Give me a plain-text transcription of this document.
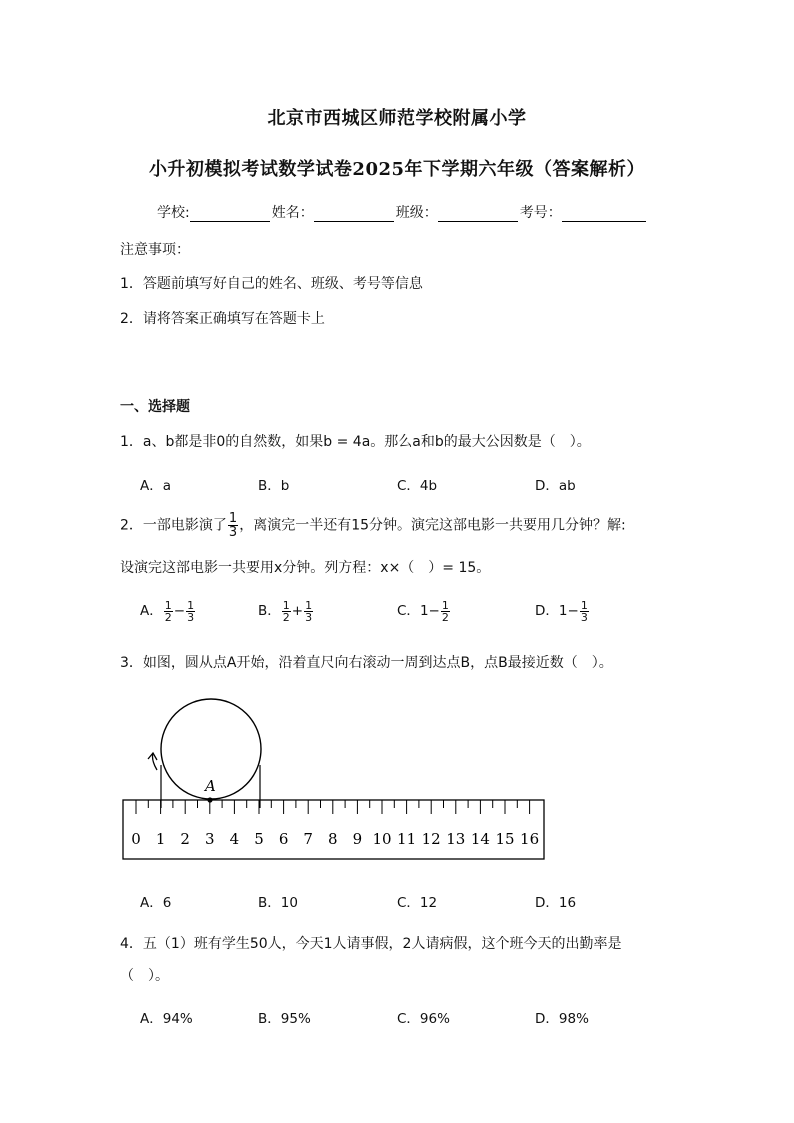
北京市西城区师范学校附属小学
小升初模拟考试数学试卷2025年下学期六年级（答案解析）
学校:	姓名：	班级：	考号：
注意事项：
1．答题前填写好自己的姓名、班级、考号等信息
2．请将答案正确填写在答题卡上
一、选择题
1．a、b都是非0的自然数，如果b = 4a。那么a和b的最大公因数是（　）。
A．a	B．b	C．4b	D．ab
2．一部电影演了 $\frac{1}{3}$ ，离演完一半还有15分钟。演完这部电影一共要用几分钟？解:
设演完这部电影一共要用x分钟。列方程：x×（　）= 15。
A． $\frac{1}{2} - \frac{1}{3}$	B． $\frac{1}{2} + \frac{1}{3}$	C．$1- \frac{1}{2}$	D．$1- \frac{1}{3}$
3．如图，圆从点A开始，沿着直尺向右滚动一周到达点B，点B最接近数（　）。
A
0 1 2 3 4 5 6 7 8 9 10 11 12 13 14 15 16
A．6	B．10	C．12	D．16
4．五（1）班有学生50人，今天1人请事假，2人请病假，这个班今天的出勤率是
（　）。
A．94%	B．95%	C．96%	D．98%
